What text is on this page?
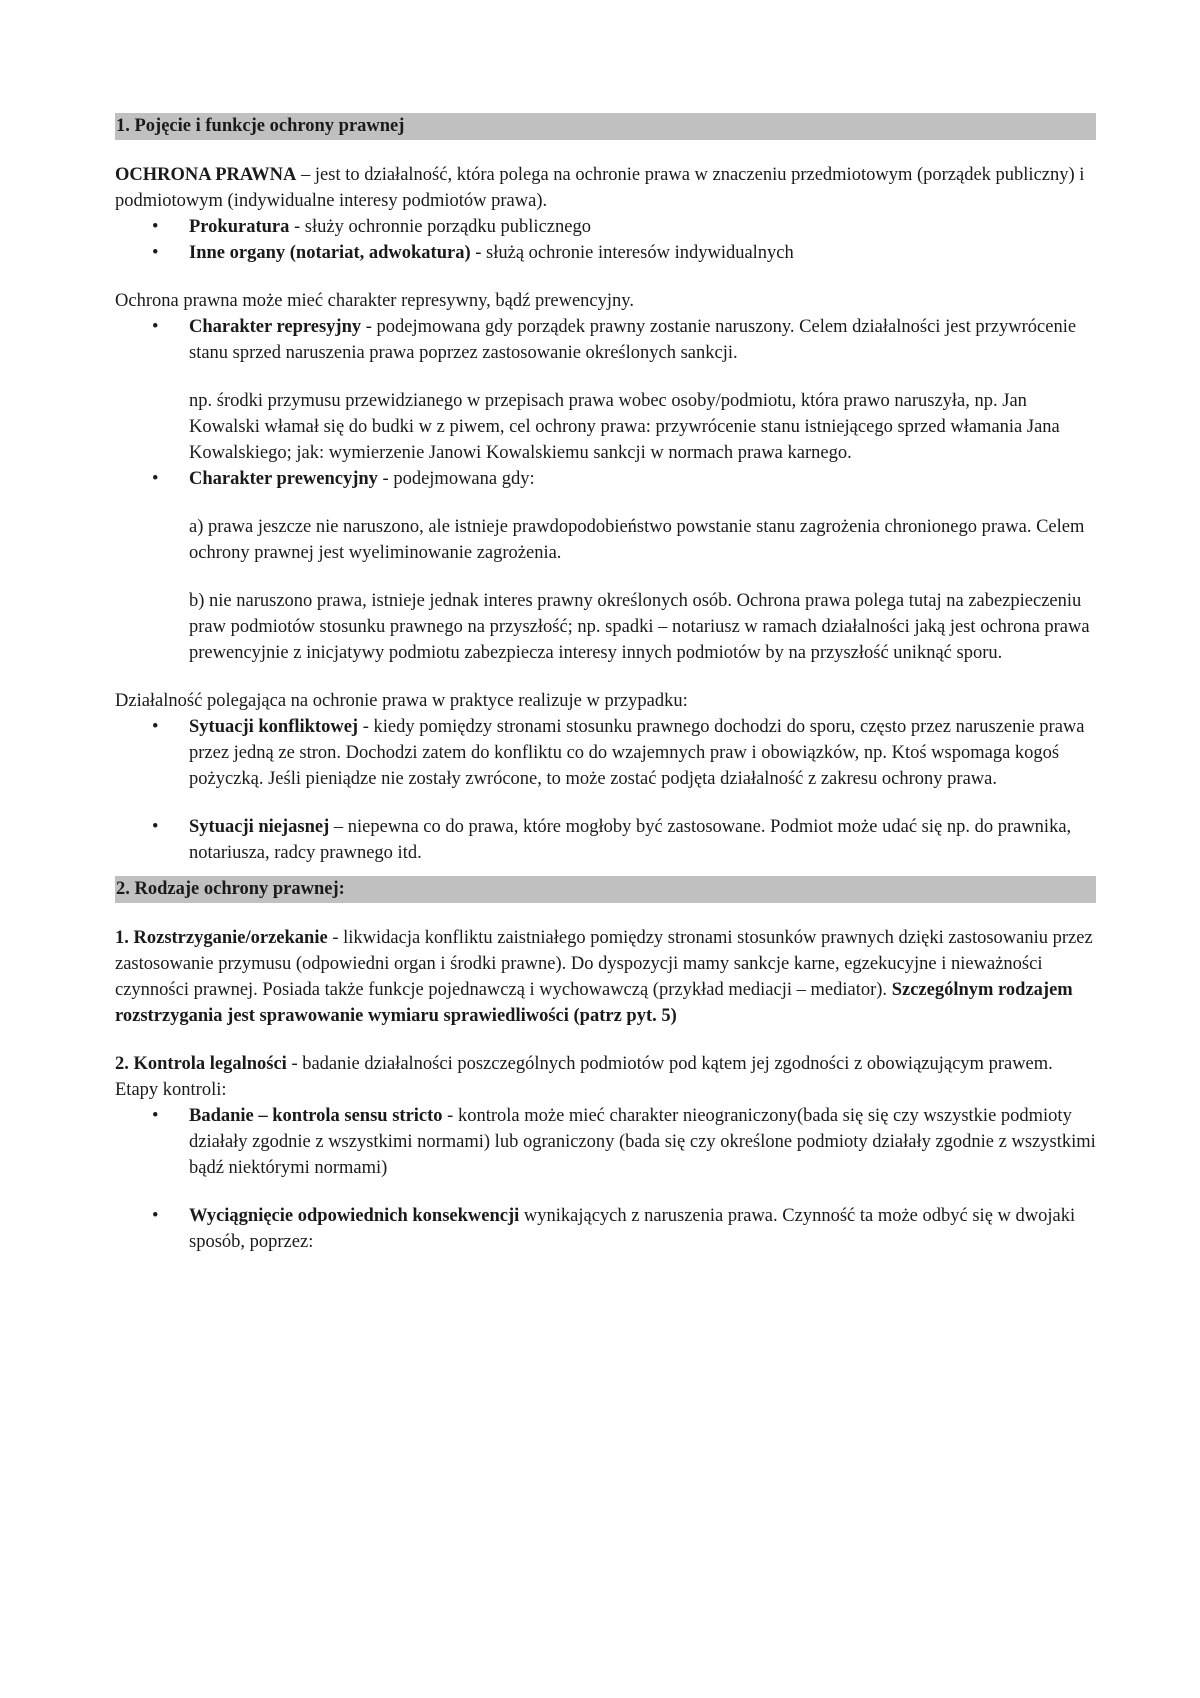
1. Pojęcie i funkcje ochrony prawnej

OCHRONA PRAWNA – jest to działalność, która polega na ochronie prawa w znaczeniu przedmiotowym (porządek publiczny) i podmiotowym (indywidualne interesy podmiotów prawa).

• Prokuratura - służy ochronnie porządku publicznego
• Inne organy (notariat, adwokatura) - służą ochronie interesów indywidualnych

Ochrona prawna może mieć charakter represywny, bądź prewencyjny.

• Charakter represyjny - podejmowana gdy porządek prawny zostanie naruszony. Celem działalności jest przywrócenie stanu sprzed naruszenia prawa poprzez zastosowanie określonych sankcji.

np. środki przymusu przewidzianego w przepisach prawa wobec osoby/podmiotu, która prawo naruszyła, np. Jan Kowalski włamał się do budki w z piwem, cel ochrony prawa: przywrócenie stanu istniejącego sprzed włamania Jana Kowalskiego; jak: wymierzenie Janowi Kowalskiemu sankcji w normach prawa karnego.

• Charakter prewencyjny - podejmowana gdy:

a) prawa jeszcze nie naruszono, ale istnieje prawdopodobieństwo powstanie stanu zagrożenia chronionego prawa. Celem ochrony prawnej jest wyeliminowanie zagrożenia.

b) nie naruszono prawa, istnieje jednak interes prawny określonych osób. Ochrona prawa polega tutaj na zabezpieczeniu praw podmiotów stosunku prawnego na przyszłość; np. spadki – notariusz w ramach działalności jaką jest ochrona prawa prewencyjnie z inicjatywy podmiotu zabezpiecza interesy innych podmiotów by na przyszłość uniknąć sporu.

Działalność polegająca na ochronie prawa w praktyce realizuje w przypadku:

• Sytuacji konfliktowej - kiedy pomiędzy stronami stosunku prawnego dochodzi do sporu, często przez naruszenie prawa przez jedną ze stron. Dochodzi zatem do konfliktu co do wzajemnych praw i obowiązków, np. Ktoś wspomaga kogoś pożyczką. Jeśli pieniądze nie zostały zwrócone, to może zostać podjęta działalność z zakresu ochrony prawa.
• Sytuacji niejasnej – niepewna co do prawa, które mogłoby być zastosowane. Podmiot może udać się np. do prawnika, notariusza, radcy prawnego itd.
2. Rodzaje ochrony prawnej:

1. Rozstrzyganie/orzekanie - likwidacja konfliktu zaistniałego pomiędzy stronami stosunków prawnych dzięki zastosowaniu przez zastosowanie przymusu (odpowiedni organ i środki prawne). Do dyspozycji mamy sankcje karne, egzekucyjne i nieważności czynności prawnej. Posiada także funkcje pojednawczą i wychowawczą (przykład mediacji – mediator). Szczególnym rodzajem rozstrzygania jest sprawowanie wymiaru sprawiedliwości (patrz pyt. 5)

2. Kontrola legalności - badanie działalności poszczególnych podmiotów pod kątem jej zgodności z obowiązującym prawem. Etapy kontroli:

• Badanie – kontrola sensu stricto - kontrola może mieć charakter nieograniczony(bada się się czy wszystkie podmioty działały zgodnie z wszystkimi normami) lub ograniczony (bada się czy określone podmioty działały zgodnie z wszystkimi bądź niektórymi normami)
• Wyciągnięcie odpowiednich konsekwencji wynikających z naruszenia prawa. Czynność ta może odbyć się w dwojaki sposób, poprzez:
